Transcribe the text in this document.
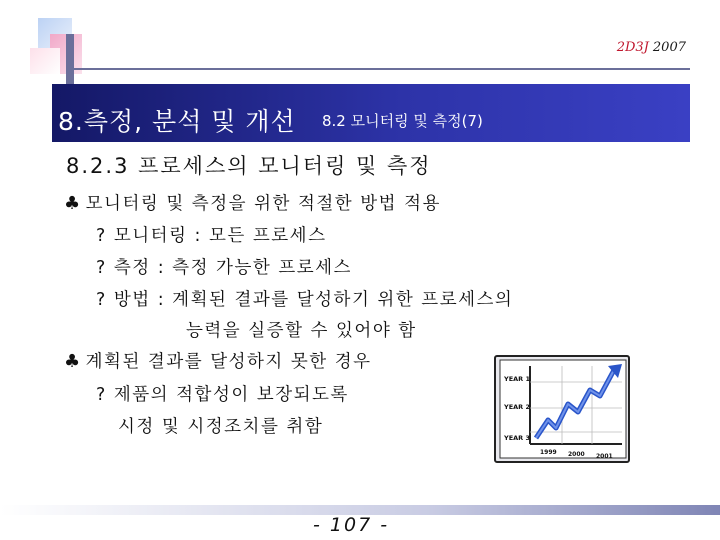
2D3J 2007
8.측정, 분석 및 개선 8.2 모니터링 및 측정(7)
8.2.3 프로세스의 모니터링 및 측정
♣ 모니터링 및 측정을 위한 적절한 방법 적용
? 모니터링 : 모든 프로세스
? 측정 : 측정 가능한 프로세스
? 방법 : 계획된 결과를 달성하기 위한 프로세스의
능력을 실증할 수 있어야 함
♣ 계획된 결과를 달성하지 못한 경우
? 제품의 적합성이 보장되도록
시정 및 시정조치를 취함
YEAR 1
YEAR 2
YEAR 3
1999 2000 2001
- 107 -
